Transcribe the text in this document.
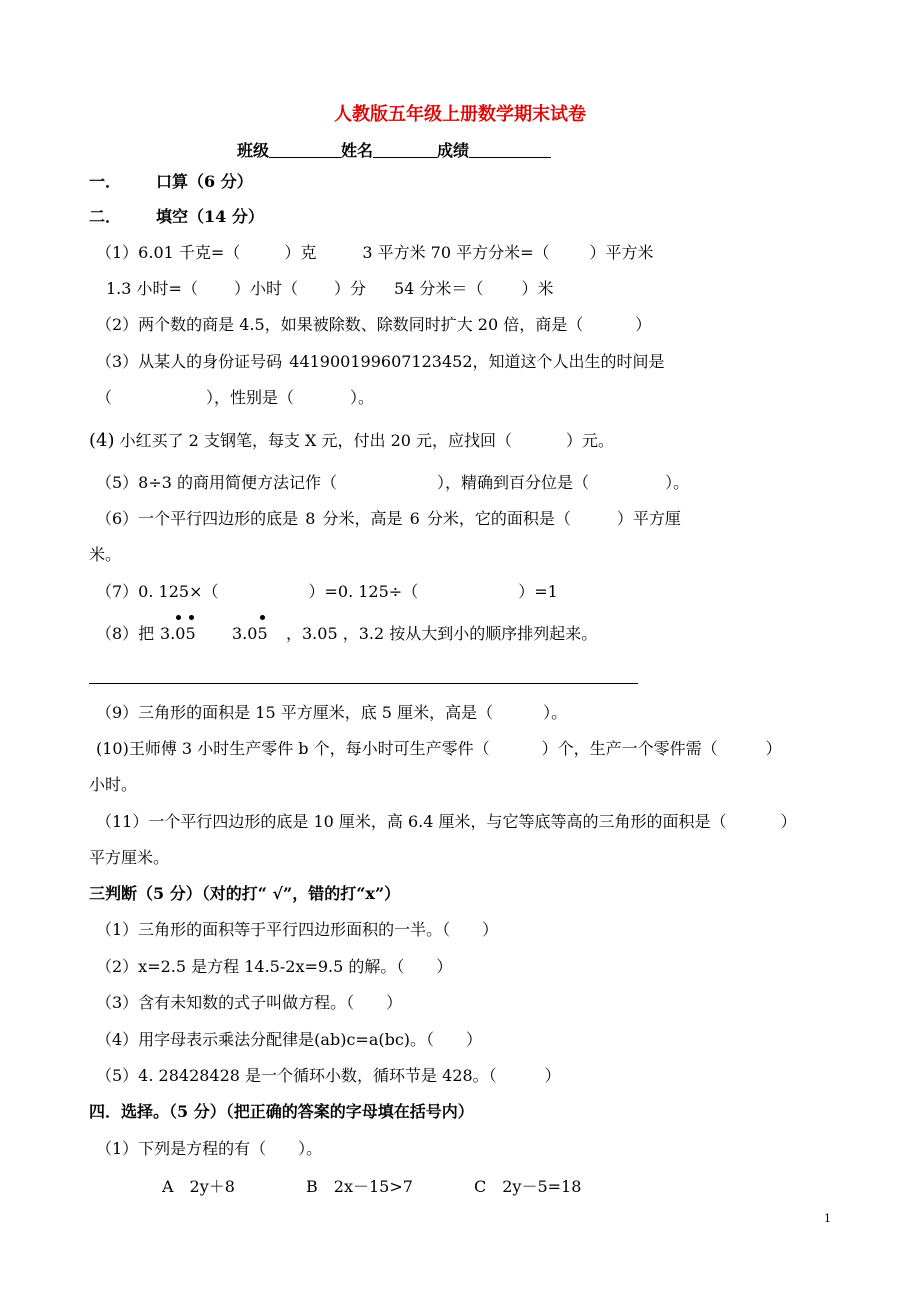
人教版五年级上册数学期末试卷
班级	姓名	成绩
一． 口算（6 分）
二． 填空（14 分）
（1）6.01 千克=（	）克	3 平方米 70 平方分米=（	）平方米
1.3 小时=（ ）小时（ ）分 54 分米＝（ ）米
（2）两个数的商是 4.5，如果被除数、除数同时扩大 20 倍，商是（	）
（3）从某人的身份证号码 441900199607123452，知道这个人出生的时间是
（	），性别是（	）。
(4) 小红买了 2 支钢笔，每支 X 元，付出 20 元，应找回（	）元。
（5）8÷3 的商用简便方法记作（	），精确到百分位是（	）。
（6）一个平行四边形的底是 8 分米，高是 6 分米，它的面积是（	）平方厘
米。
（7）0. 125×（	）=0. 125÷（	）=1
（8）把 3.05 3.05 ，3.05 ，3.2 按从大到小的顺序排列起来。
（9）三角形的面积是 15 平方厘米，底 5 厘米，高是（	）。
(10)王师傅 3 小时生产零件 b 个，每小时可生产零件（	）个，生产一个零件需（	）
小时。
（11）一个平行四边形的底是 10 厘米，高 6.4 厘米，与它等底等高的三角形的面积是（	）
平方厘米。
三判断（5 分）（对的打“ √”，错的打“x”）
（1）三角形的面积等于平行四边形面积的一半。（　　）
（2）x=2.5 是方程 14.5-2x=9.5 的解。（　　）
（3）含有未知数的式子叫做方程。（　　）
（4）用字母表示乘法分配律是(ab)c=a(bc)。（　　）
（5）4. 28428428 是一个循环小数，循环节是 428。（　　　）
四．选择。（5 分）（把正确的答案的字母填在括号内）
（1）下列是方程的有（　　）。
A　2y＋8	B　2x－15>7	C　2y－5=18
1
